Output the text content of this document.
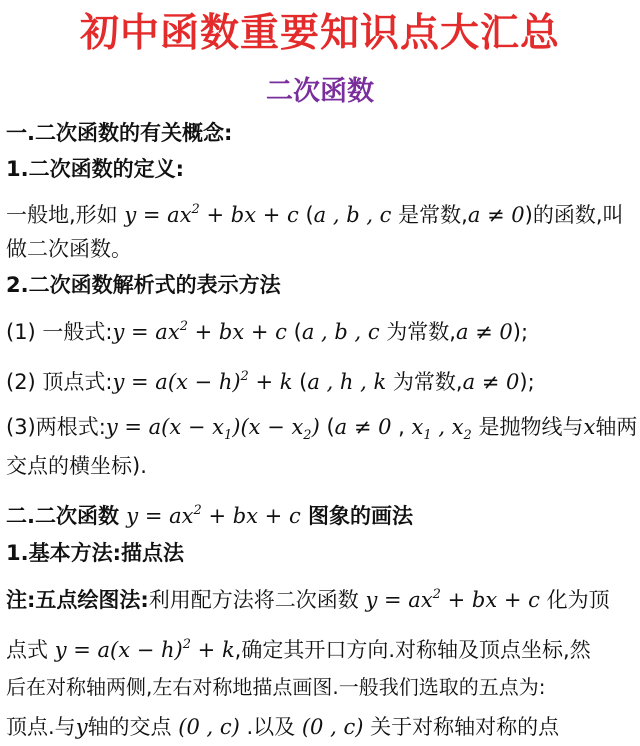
初中函数重要知识点大汇总
二次函数
一.二次函数的有关概念:
1.二次函数的定义:
一般地,形如 $y = ax^2$ + bx + c (a , b , c 是常数,a ≠ 0)的函数,叫
做二次函数。
2.二次函数解析式的表示方法
(1) 一般式:y = $ax^2$ + bx + c (a , b , c 为常数,a ≠ 0);
(2) 顶点式:y = $a(x - h)^2 + k$ (a , h , k 为常数,a ≠ 0);
(3)两根式:y = $a(x - x_1)(x - x_2)$ (a ≠ 0 , $x_1$ , $x_2$ 是抛物线与x轴两
交点的横坐标).
二.二次函数 $y = ax^2$ + bx + c 图象的画法
1.基本方法:描点法
注:五点绘图法:利用配方法将二次函数 $y = ax^2$ + bx + c 化为顶
点式 $y = a(x - h)^2 + k$,确定其开口方向.对称轴及顶点坐标,然
后在对称轴两侧,左右对称地描点画图.一般我们选取的五点为:
顶点.与y轴的交点 (0 , c) .以及 (0 , c) 关于对称轴对称的点
